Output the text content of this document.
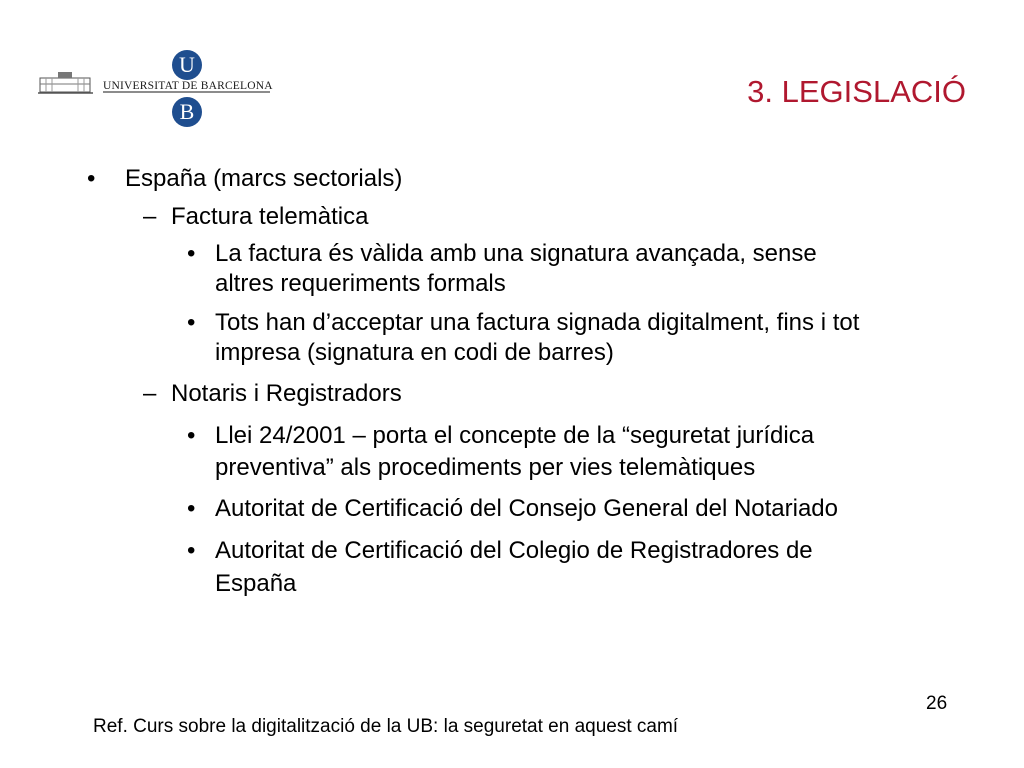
U
B
UNIVERSITAT DE BARCELONA	3. LEGISLACIÓ
• España (marcs sectorials)
– Factura telemàtica
• La factura és vàlida amb una signatura avançada, sense
altres requeriments formals
• Tots han d’acceptar una factura signada digitalment, fins i tot
impresa (signatura en codi de barres)
– Notaris i Registradors
• Llei 24/2001 – porta el concepte de la “seguretat jurídica
preventiva” als procediments per vies telemàtiques
• Autoritat de Certificació del Consejo General del Notariado
• Autoritat de Certificació del Colegio de Registradores de
España
26
Ref. Curs sobre la digitalització de la UB: la seguretat en aquest camí
